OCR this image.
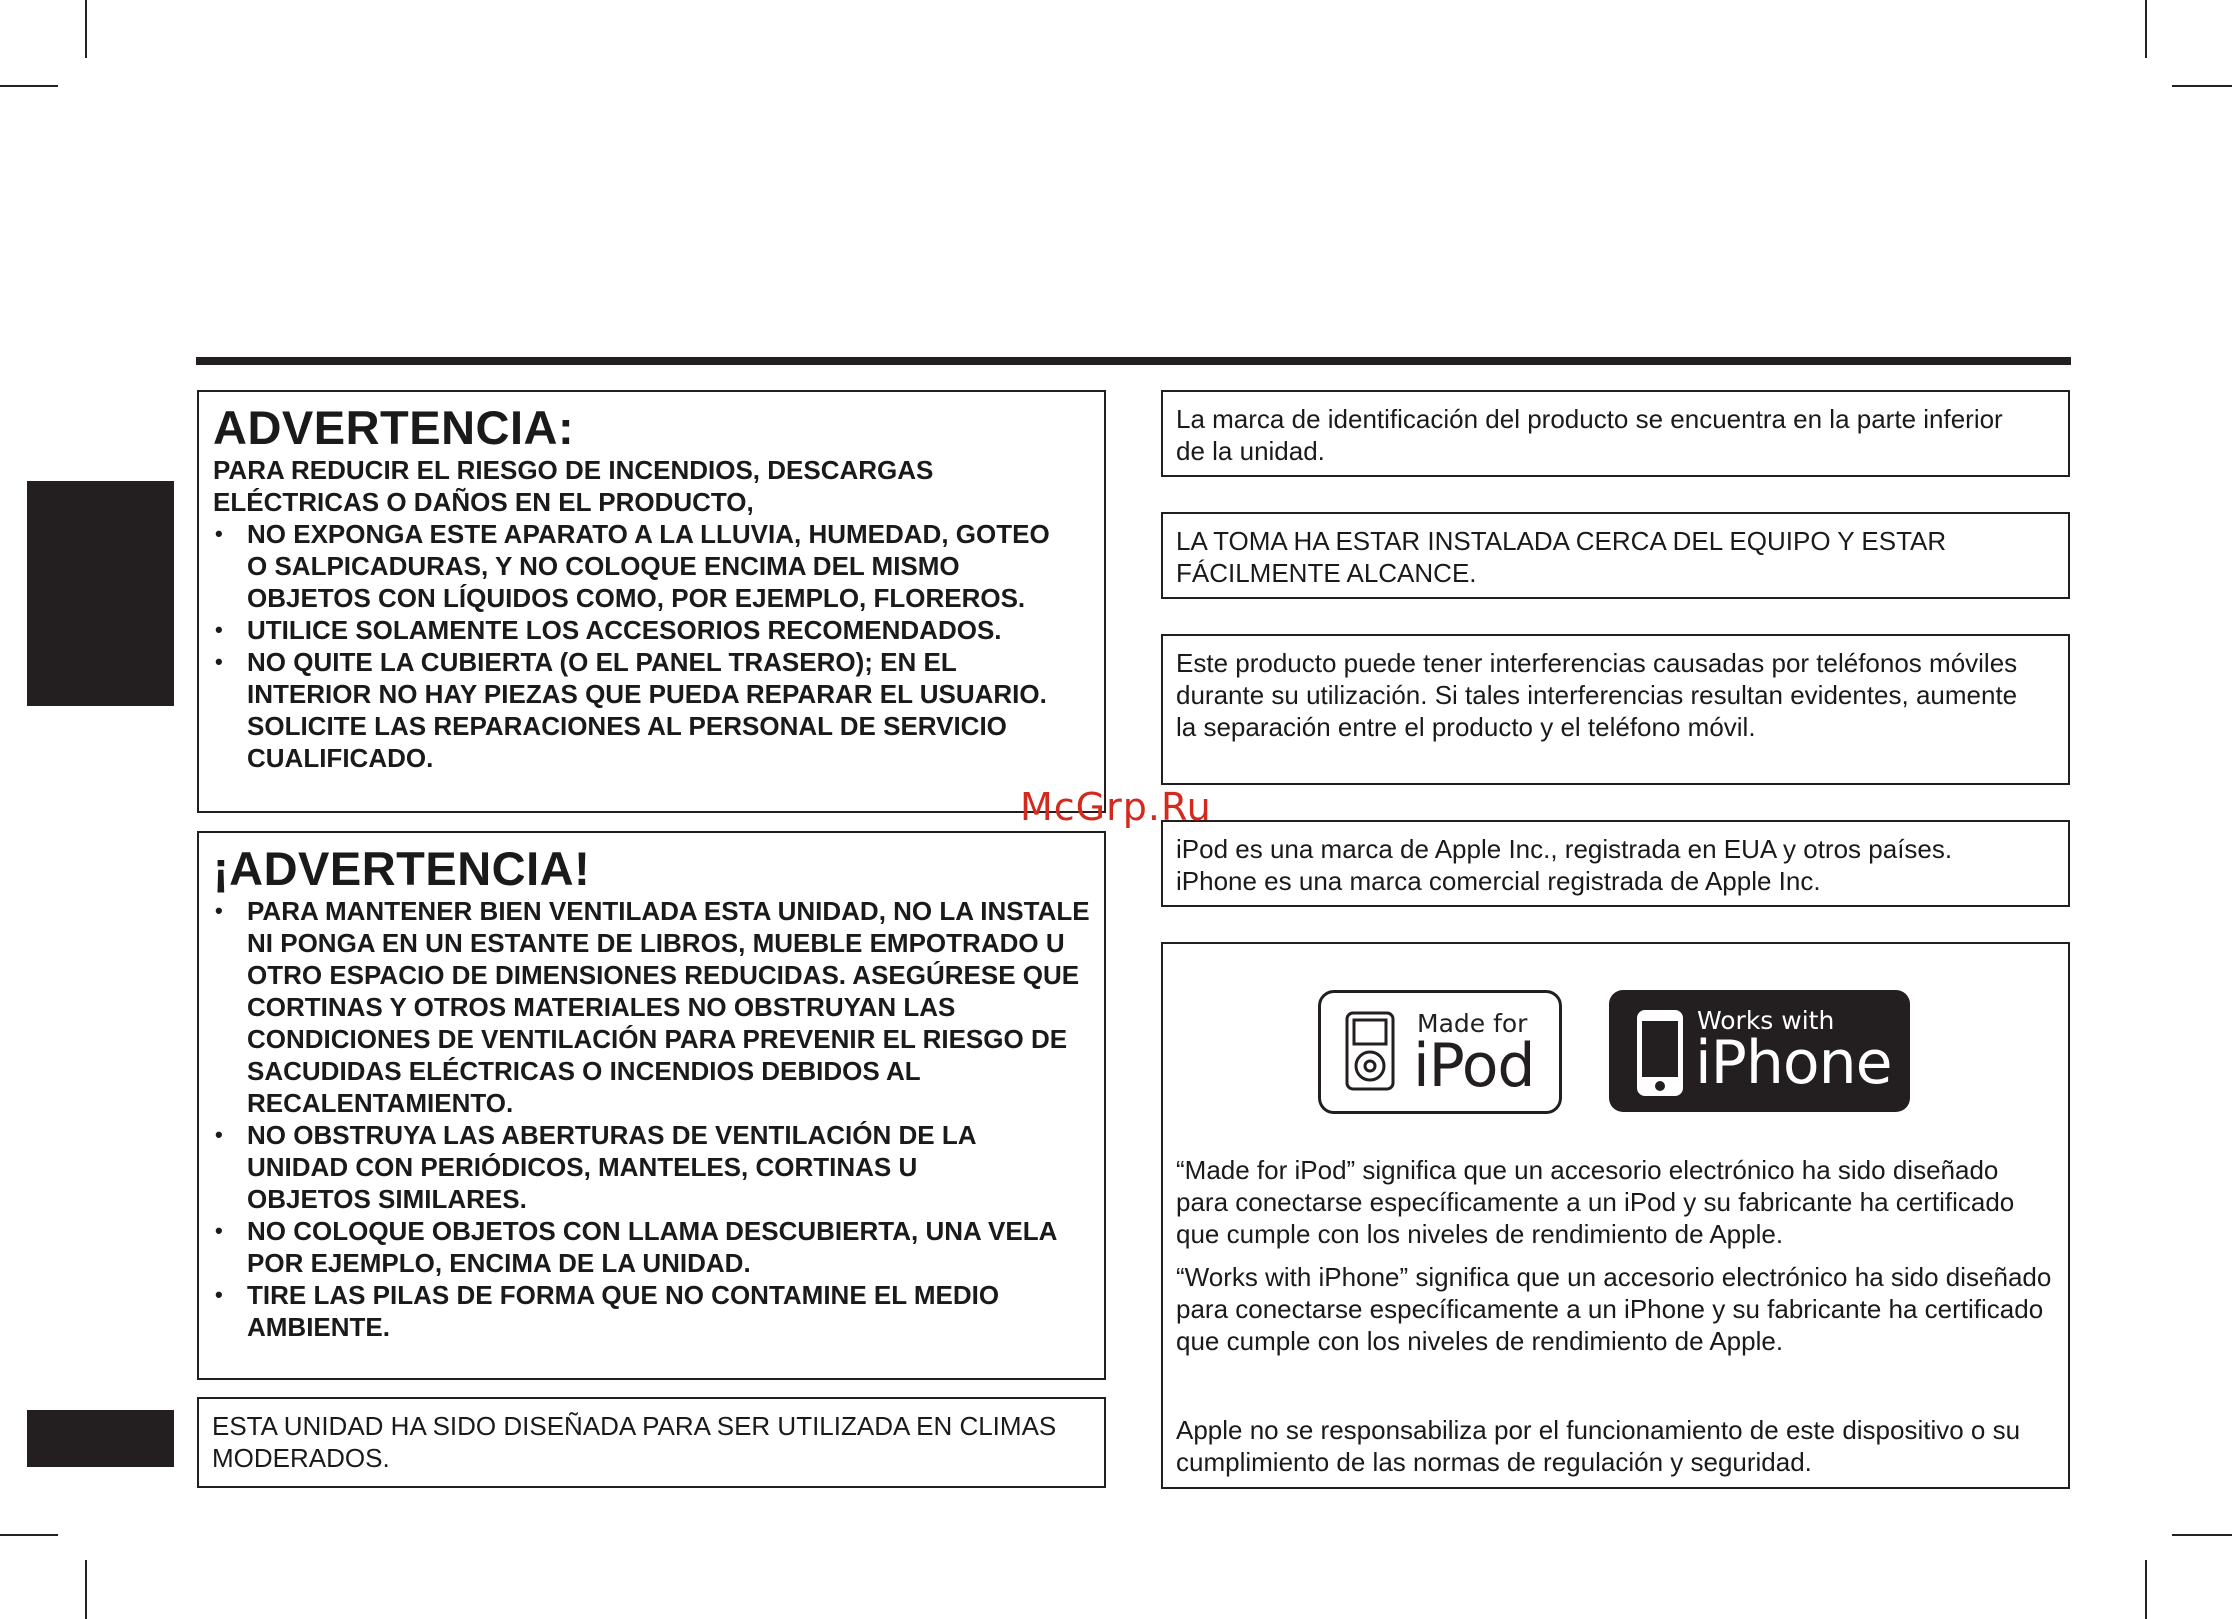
ADVERTENCIA:
PARA REDUCIR EL RIESGO DE INCENDIOS, DESCARGAS ELÉCTRICAS O DAÑOS EN EL PRODUCTO,
• NO EXPONGA ESTE APARATO A LA LLUVIA, HUMEDAD, GOTEO O SALPICADURAS, Y NO COLOQUE ENCIMA DEL MISMO OBJETOS CON LÍQUIDOS COMO, POR EJEMPLO, FLOREROS.
• UTILICE SOLAMENTE LOS ACCESORIOS RECOMENDADOS.
• NO QUITE LA CUBIERTA (O EL PANEL TRASERO); EN EL INTERIOR NO HAY PIEZAS QUE PUEDA REPARAR EL USUARIO. SOLICITE LAS REPARACIONES AL PERSONAL DE SERVICIO CUALIFICADO.
¡ADVERTENCIA!
• PARA MANTENER BIEN VENTILADA ESTA UNIDAD, NO LA INSTALE NI PONGA EN UN ESTANTE DE LIBROS, MUEBLE EMPOTRADO U OTRO ESPACIO DE DIMENSIONES REDUCIDAS. ASEGÚRESE QUE CORTINAS Y OTROS MATERIALES NO OBSTRUYAN LAS CONDICIONES DE VENTILACIÓN PARA PREVENIR EL RIESGO DE SACUDIDAS ELÉCTRICAS O INCENDIOS DEBIDOS AL RECALENTAMIENTO.
• NO OBSTRUYA LAS ABERTURAS DE VENTILACIÓN DE LA UNIDAD CON PERIÓDICOS, MANTELES, CORTINAS U OBJETOS SIMILARES.
• NO COLOQUE OBJETOS CON LLAMA DESCUBIERTA, UNA VELA POR EJEMPLO, ENCIMA DE LA UNIDAD.
• TIRE LAS PILAS DE FORMA QUE NO CONTAMINE EL MEDIO AMBIENTE.

ESTA UNIDAD HA SIDO DISEÑADA PARA SER UTILIZADA EN CLIMAS MODERADOS.

La marca de identificación del producto se encuentra en la parte inferior de la unidad.

LA TOMA HA ESTAR INSTALADA CERCA DEL EQUIPO Y ESTAR FÁCILMENTE ALCANCE.

Este producto puede tener interferencias causadas por teléfonos móviles durante su utilización. Si tales interferencias resultan evidentes, aumente la separación entre el producto y el teléfono móvil.

iPod es una marca de Apple Inc., registrada en EUA y otros países.

iPhone es una marca comercial registrada de Apple Inc.

Made for
iPod
Works with
iPhone

“Made for iPod” significa que un accesorio electrónico ha sido diseñado para conectarse específicamente a un iPod y su fabricante ha certificado que cumple con los niveles de rendimiento de Apple.

“Works with iPhone” significa que un accesorio electrónico ha sido diseñado para conectarse específicamente a un iPhone y su fabricante ha certificado que cumple con los niveles de rendimiento de Apple.

Apple no se responsabiliza por el funcionamiento de este dispositivo o su cumplimiento de las normas de regulación y seguridad.

McGrp.Ru
